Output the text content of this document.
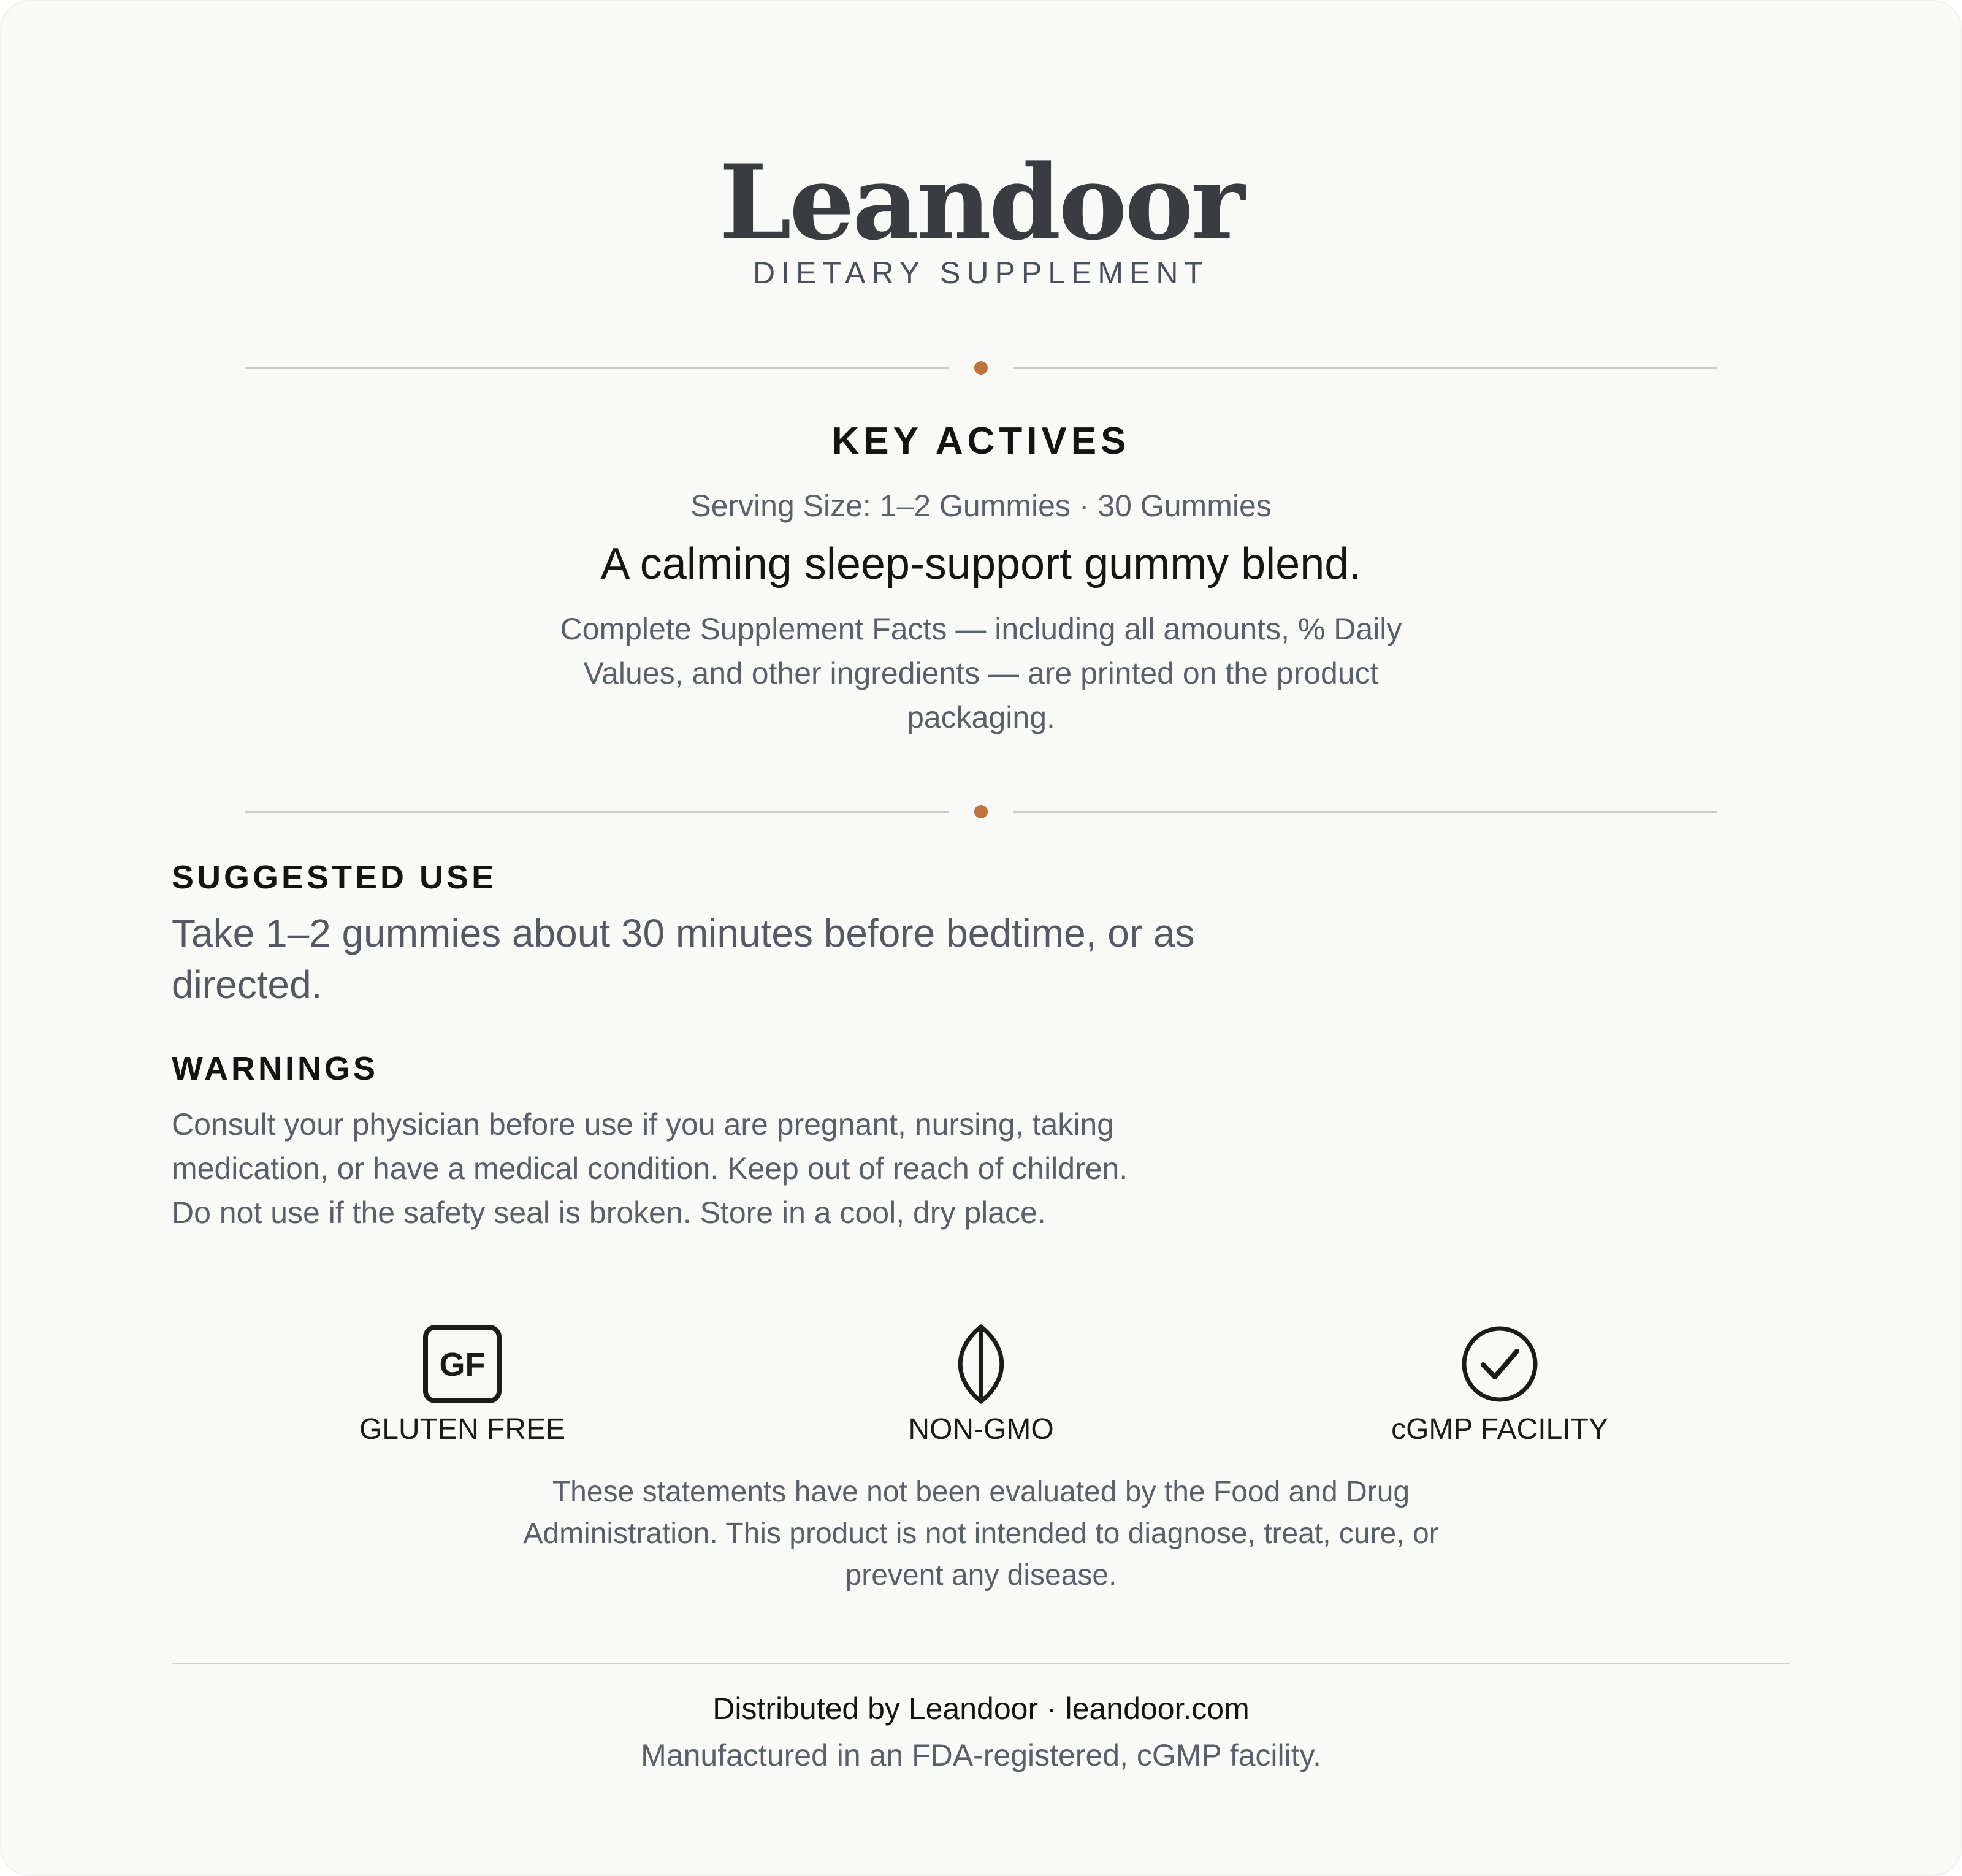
Leandoor
DIETARY SUPPLEMENT
KEY ACTIVES
Serving Size: 1–2 Gummies · 30 Gummies
A calming sleep-support gummy blend.
Complete Supplement Facts — including all amounts, % Daily Values, and other ingredients — are printed on the product packaging.
SUGGESTED USE
Take 1–2 gummies about 30 minutes before bedtime, or as directed.
WARNINGS
Consult your physician before use if you are pregnant, nursing, taking medication, or have a medical condition. Keep out of reach of children. Do not use if the safety seal is broken. Store in a cool, dry place.
GF
GLUTEN FREE	NON-GMO	cGMP FACILITY
These statements have not been evaluated by the Food and Drug Administration. This product is not intended to diagnose, treat, cure, or prevent any disease.
Distributed by Leandoor · leandoor.com
Manufactured in an FDA-registered, cGMP facility.
